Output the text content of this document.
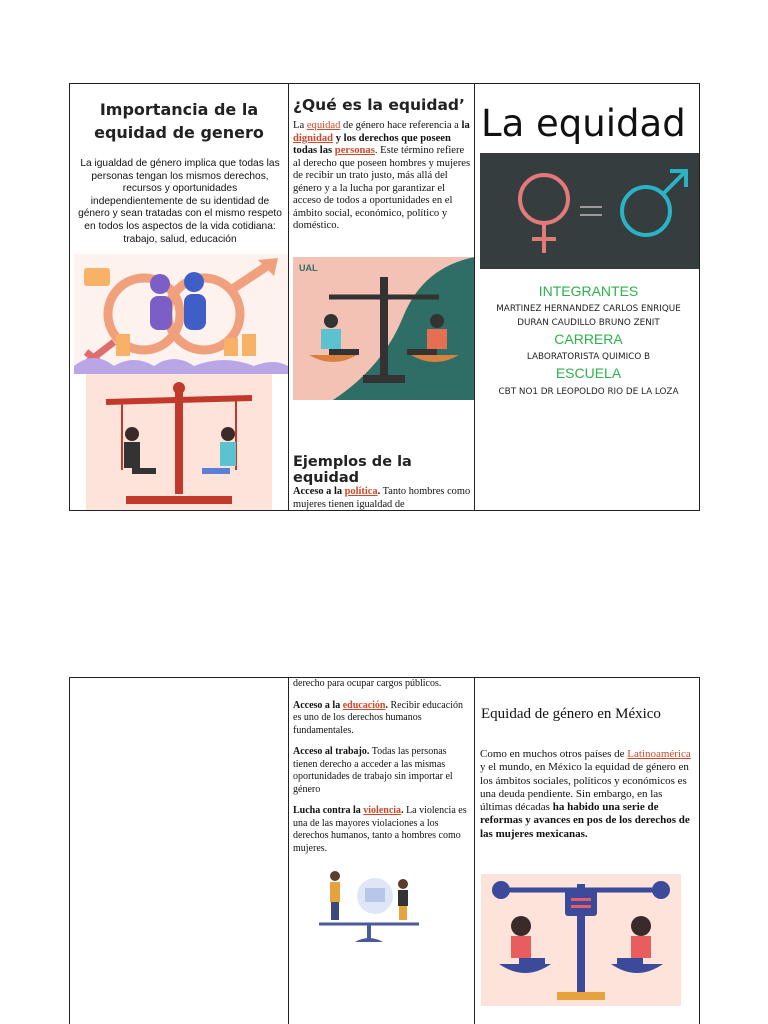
Importancia de la
equidad de genero
La igualdad de género implica que todas las personas tengan los mismos derechos, recursos y oportunidades independientemente de su identidad de género y sean tratadas con el mismo respeto en todos los aspectos de la vida cotidiana: trabajo, salud, educación
¿Qué es la equidad’
La equidad de género hace referencia a la dignidad y los derechos que poseen todas las personas. Este término refiere al derecho que poseen hombres y mujeres de recibir un trato justo, más allá del género y a la lucha por garantizar el acceso de todos a oportunidades en el ámbito social, económico, político y doméstico.
UAL
Ejemplos de la equidad
Acceso a la política. Tanto hombres como mujeres tienen igualdad de
La equidad
INTEGRANTES
MARTINEZ HERNANDEZ CARLOS ENRIQUE
DURAN CAUDILLO BRUNO ZENIT
CARRERA
LABORATORISTA QUIMICO B
ESCUELA
CBT NO1 DR LEOPOLDO RIO DE LA LOZA

derecho para ocupar cargos públicos.

Acceso a la educación. Recibir educación es uno de los derechos humanos fundamentales.

Acceso al trabajo. Todas las personas tienen derecho a acceder a las mismas oportunidades de trabajo sin importar el género

Lucha contra la violencia. La violencia es una de las mayores violaciones a los derechos humanos, tanto a hombres como mujeres.

Equidad de género en México
Como en muchos otros países de Latinoamérica y el mundo, en México la equidad de género en los ámbitos sociales, políticos y económicos es una deuda pendiente. Sin embargo, en las últimas décadas ha habido una serie de reformas y avances en pos de los derechos de las mujeres mexicanas.
